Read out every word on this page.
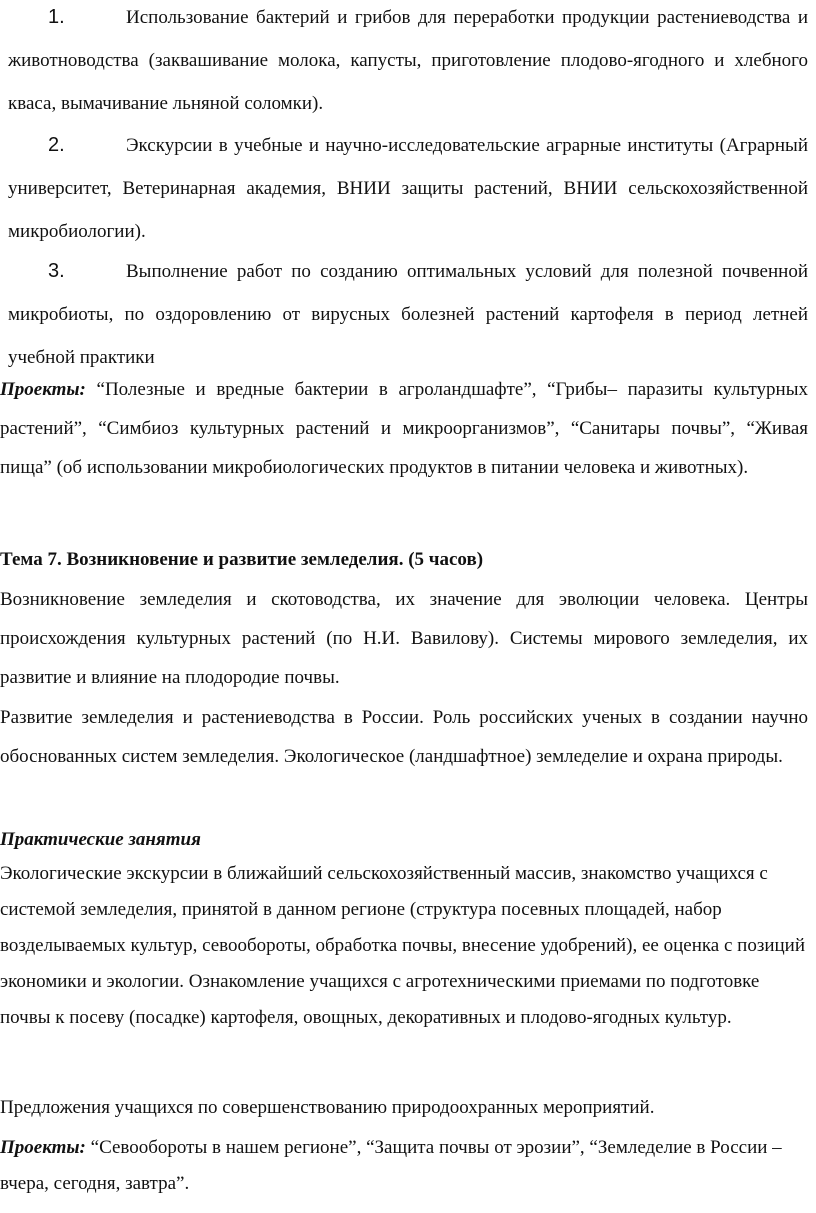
1.	Использование бактерий и грибов для переработки продукции растениеводства и животноводства (заквашивание молока, капусты, приготовление плодово-ягодного и хлебного кваса, вымачивание льняной соломки).

2.	Экскурсии в учебные и научно-исследовательские аграрные институты (Аграрный университет, Ветеринарная академия, ВНИИ защиты растений, ВНИИ сельскохозяйственной микробиологии).

3.	Выполнение работ по созданию оптимальных условий для полезной почвенной микробиоты, по оздоровлению от вирусных болезней растений картофеля в период летней учебной практики

Проекты: “Полезные и вредные бактерии в агроландшафте”, “Грибы– паразиты культурных растений”, “Симбиоз культурных растений и микроорганизмов”, “Санитары почвы”, “Живая пища” (об использовании микробиологических продуктов в питании человека и животных).

Тема 7. Возникновение и развитие земледелия. (5 часов)

Возникновение земледелия и скотоводства, их значение для эволюции человека. Центры происхождения культурных растений (по Н.И. Вавилову). Системы мирового земледелия, их развитие и влияние на плодородие почвы.

Развитие земледелия и растениеводства в России. Роль российских ученых в создании научно обоснованных систем земледелия. Экологическое (ландшафтное) земледелие и охрана природы.

Практические занятия

Экологические экскурсии в ближайший сельскохозяйственный массив, знакомство учащихся с системой земледелия, принятой в данном регионе (структура посевных площадей, набор возделываемых культур, севообороты, обработка почвы, внесение удобрений), ее оценка с позиций экономики и экологии. Ознакомление учащихся с агротехническими приемами по подготовке почвы к посеву (посадке) картофеля, овощных, декоративных и плодово-ягодных культур.

Предложения учащихся по совершенствованию природоохранных мероприятий.

Проекты: “Севообороты в нашем регионе”, “Защита почвы от эрозии”, “Земледелие в России – вчера, сегодня, завтра”.
